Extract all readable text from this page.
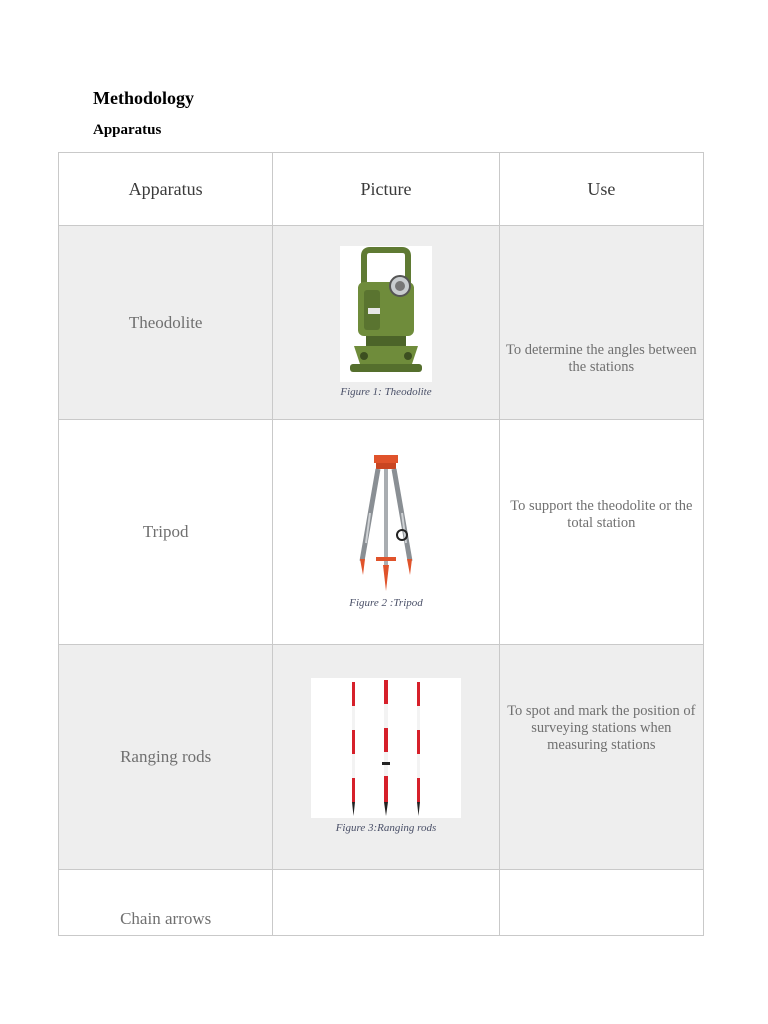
Methodology
Apparatus
Apparatus	Picture	Use
Theodolite	Figure 1: Theodolite	To determine the angles between the stations

Tripod	Figure 2 :Tripod	To support the theodolite or the total station

Ranging rods	Figure 3:Ranging rods	To spot and mark the position of surveying stations when measuring stations

Chain arrows		
